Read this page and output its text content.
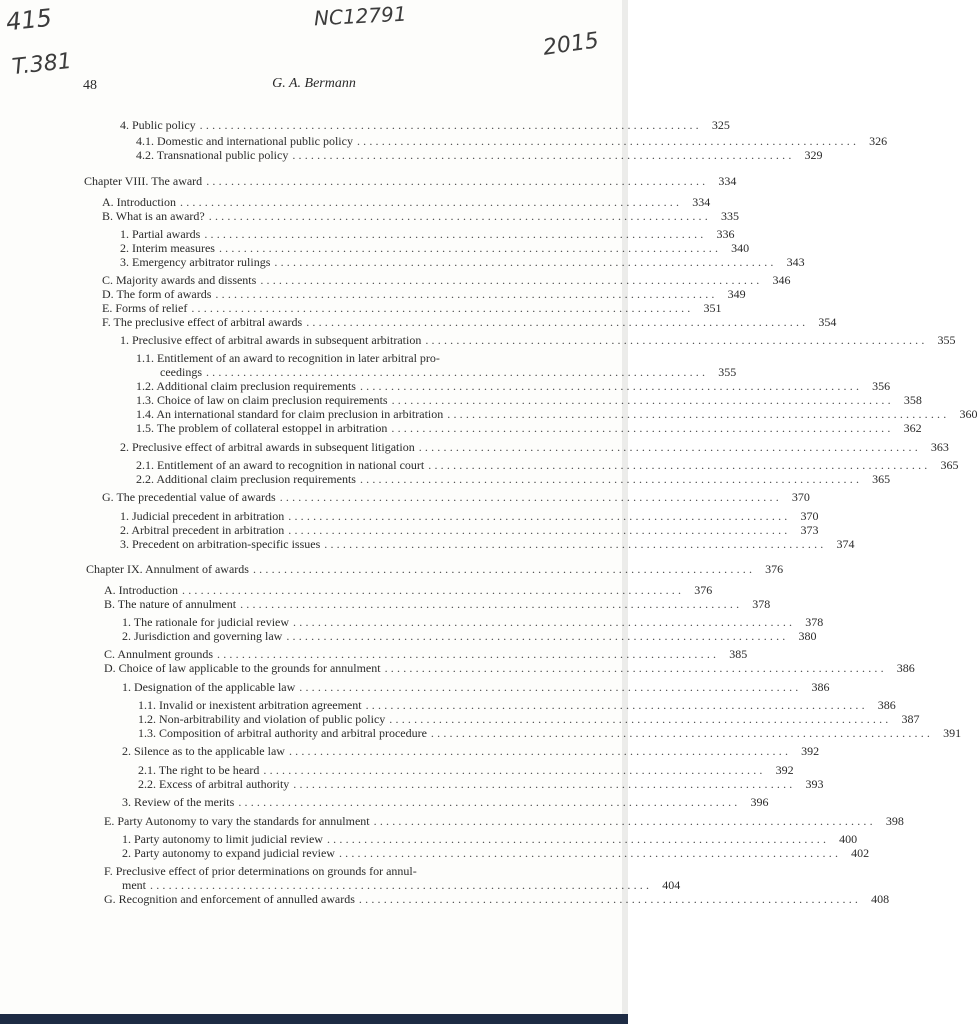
415
T.381
NC12791
2015
48	G. A. Bermann
4. Public policy ................................................................................. 325
4.1. Domestic and international public policy ................................................................................. 326
4.2. Transnational public policy ................................................................................. 329
Chapter VIII. The award ................................................................................. 334
A. Introduction ................................................................................. 334
B. What is an award? ................................................................................. 335
1. Partial awards ................................................................................. 336
2. Interim measures ................................................................................. 340
3. Emergency arbitrator rulings ................................................................................. 343
C. Majority awards and dissents ................................................................................. 346
D. The form of awards ................................................................................. 349
E. Forms of relief ................................................................................. 351
F. The preclusive effect of arbitral awards ................................................................................. 354
1. Preclusive effect of arbitral awards in subsequent arbitration ................................................................................. 355
1.1. Entitlement of an award to recognition in later arbitral pro-
ceedings ................................................................................. 355
1.2. Additional claim preclusion requirements ................................................................................. 356
1.3. Choice of law on claim preclusion requirements ................................................................................. 358
1.4. An international standard for claim preclusion in arbitration ................................................................................. 360
1.5. The problem of collateral estoppel in arbitration ................................................................................. 362
2. Preclusive effect of arbitral awards in subsequent litigation ................................................................................. 363
2.1. Entitlement of an award to recognition in national court ................................................................................. 365
2.2. Additional claim preclusion requirements ................................................................................. 365
G. The precedential value of awards ................................................................................. 370
1. Judicial precedent in arbitration ................................................................................. 370
2. Arbitral precedent in arbitration ................................................................................. 373
3. Precedent on arbitration-specific issues ................................................................................. 374
Chapter IX. Annulment of awards ................................................................................. 376
A. Introduction ................................................................................. 376
B. The nature of annulment ................................................................................. 378
1. The rationale for judicial review ................................................................................. 378
2. Jurisdiction and governing law ................................................................................. 380
C. Annulment grounds ................................................................................. 385
D. Choice of law applicable to the grounds for annulment ................................................................................. 386
1. Designation of the applicable law ................................................................................. 386
1.1. Invalid or inexistent arbitration agreement ................................................................................. 386
1.2. Non-arbitrability and violation of public policy ................................................................................. 387
1.3. Composition of arbitral authority and arbitral procedure ................................................................................. 391
2. Silence as to the applicable law ................................................................................. 392
2.1. The right to be heard ................................................................................. 392
2.2. Excess of arbitral authority ................................................................................. 393
3. Review of the merits ................................................................................. 396
E. Party Autonomy to vary the standards for annulment ................................................................................. 398
1. Party autonomy to limit judicial review ................................................................................. 400
2. Party autonomy to expand judicial review ................................................................................. 402
F. Preclusive effect of prior determinations on grounds for annul-
ment ................................................................................. 404
G. Recognition and enforcement of annulled awards ................................................................................. 408
